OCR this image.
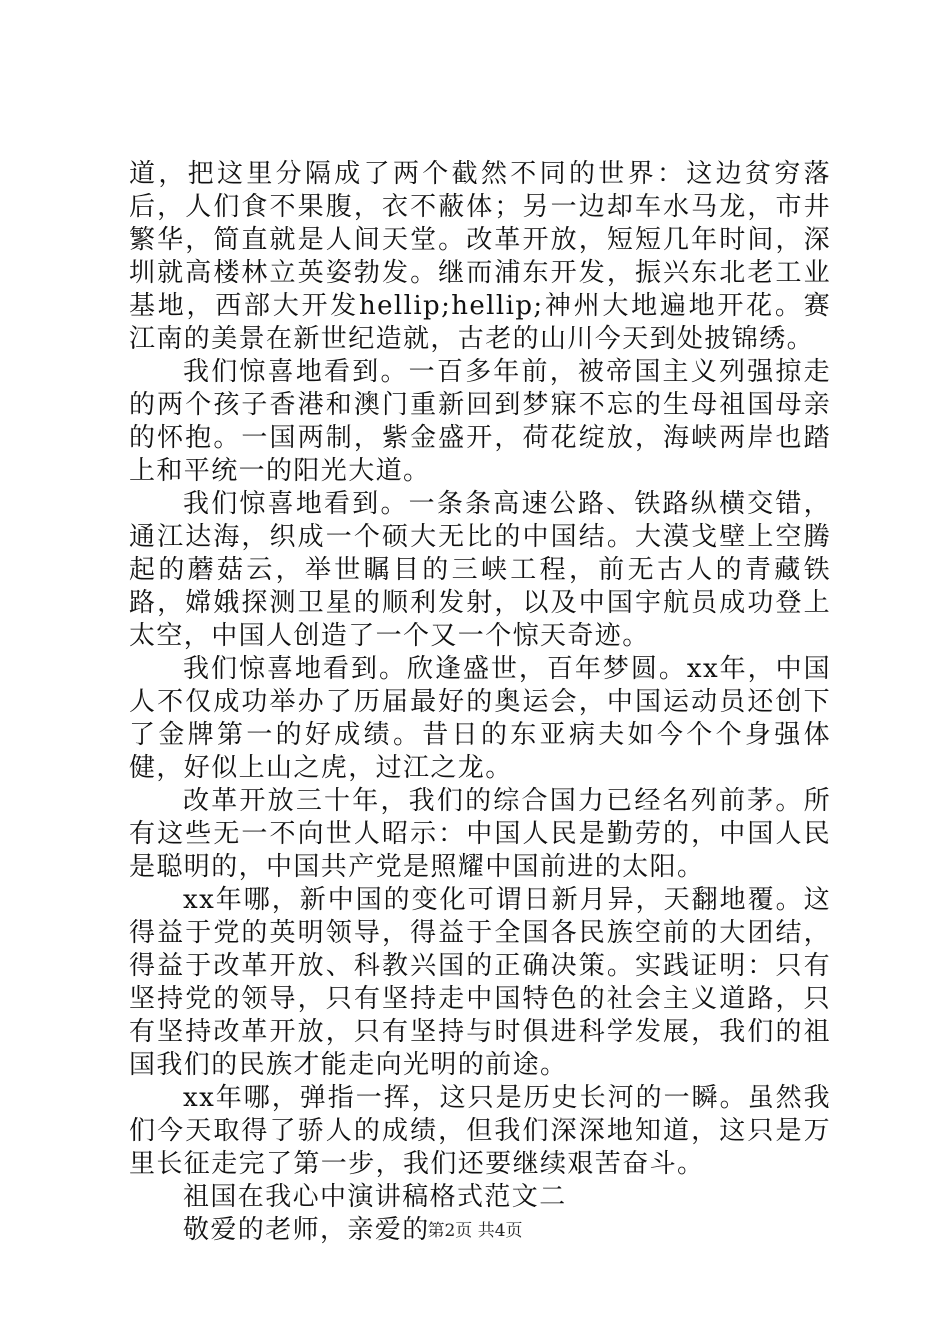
道，把这里分隔成了两个截然不同的世界：这边贫穷落后，人们食不果腹，衣不蔽体；另一边却车水马龙，市井繁华，简直就是人间天堂。改革开放，短短几年时间，深圳就高楼林立英姿勃发。继而浦东开发，振兴东北老工业基地，西部大开发hellip;hellip;神州大地遍地开花。赛江南的美景在新世纪造就，古老的山川今天到处披锦绣。

我们惊喜地看到。一百多年前，被帝国主义列强掠走的两个孩子香港和澳门重新回到梦寐不忘的生母祖国母亲的怀抱。一国两制，紫金盛开，荷花绽放，海峡两岸也踏上和平统一的阳光大道。

我们惊喜地看到。一条条高速公路、铁路纵横交错，通江达海，织成一个硕大无比的中国结。大漠戈壁上空腾起的蘑菇云，举世瞩目的三峡工程，前无古人的青藏铁路，嫦娥探测卫星的顺利发射，以及中国宇航员成功登上太空，中国人创造了一个又一个惊天奇迹。

我们惊喜地看到。欣逢盛世，百年梦圆。xx年，中国人不仅成功举办了历届最好的奥运会，中国运动员还创下了金牌第一的好成绩。昔日的东亚病夫如今个个身强体健，好似上山之虎，过江之龙。

改革开放三十年，我们的综合国力已经名列前茅。所有这些无一不向世人昭示：中国人民是勤劳的，中国人民是聪明的，中国共产党是照耀中国前进的太阳。

xx年哪，新中国的变化可谓日新月异，天翻地覆。这得益于党的英明领导，得益于全国各民族空前的大团结，得益于改革开放、科教兴国的正确决策。实践证明：只有坚持党的领导，只有坚持走中国特色的社会主义道路，只有坚持改革开放，只有坚持与时俱进科学发展，我们的祖国我们的民族才能走向光明的前途。

xx年哪，弹指一挥，这只是历史长河的一瞬。虽然我们今天取得了骄人的成绩，但我们深深地知道，这只是万里长征走完了第一步，我们还要继续艰苦奋斗。

祖国在我心中演讲稿格式范文二

敬爱的老师，亲爱的

第2页 共4页
